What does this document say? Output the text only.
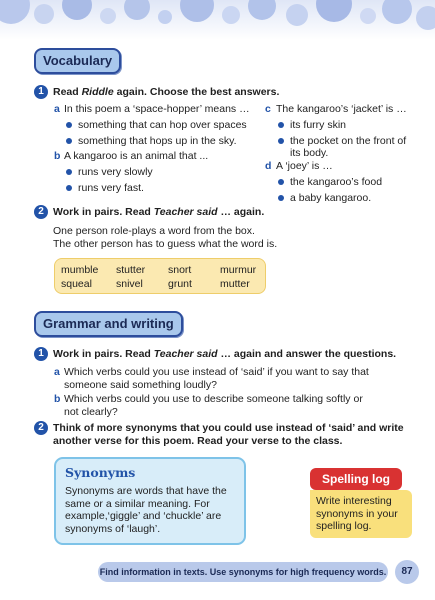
Vocabulary
1 Read Riddle again. Choose the best answers.
a In this poem a ‘space-hopper’ means …
something that can hop over spaces
something that hops up in the sky.
b A kangaroo is an animal that ...
runs very slowly
runs very fast.
c The kangaroo’s ‘jacket’ is …
its furry skin
the pocket on the front of
its body.
d A ‘joey’ is …
the kangaroo’s food
a baby kangaroo.
2 Work in pairs. Read Teacher said … again.
One person role-plays a word from the box.
The other person has to guess what the word is.
mumble stutter snort	murmur
squeal snivel grunt	mutter
Grammar and writing
1 Work in pairs. Read Teacher said … again and answer the questions.
a Which verbs could you use instead of ‘said’ if you want to say that
someone said something loudly?
b Which verbs could you use to describe someone talking softly or
not clearly?
2 Think of more synonyms that you could use instead of ‘said’ and write
another verse for this poem. Read your verse to the class.
Synonyms
Synonyms are words that have the
same or a similar meaning. For
example,‘giggle’ and ‘chuckle’ are
synonyms of ‘laugh’.
Spelling log
Write interesting
synonyms in your
spelling log.
Find information in texts. Use synonyms for high frequency words.	87
